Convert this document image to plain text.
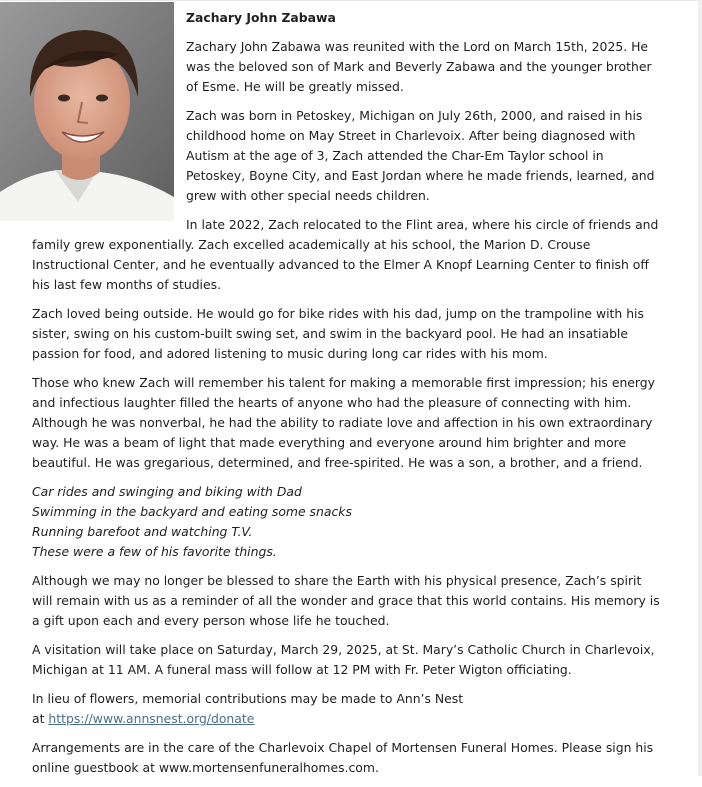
Zachary John Zabawa

Zachary John Zabawa was reunited with the Lord on March 15th, 2025. He was the beloved son of Mark and Beverly Zabawa and the younger brother of Esme. He will be greatly missed.

Zach was born in Petoskey, Michigan on July 26th, 2000, and raised in his childhood home on May Street in Charlevoix. After being diagnosed with Autism at the age of 3, Zach attended the Char-Em Taylor school in Petoskey, Boyne City, and East Jordan where he made friends, learned, and grew with other special needs children.

In late 2022, Zach relocated to the Flint area, where his circle of friends and family grew exponentially. Zach excelled academically at his school, the Marion D. Crouse Instructional Center, and he eventually advanced to the Elmer A Knopf Learning Center to finish off his last few months of studies.

Zach loved being outside. He would go for bike rides with his dad, jump on the trampoline with his sister, swing on his custom-built swing set, and swim in the backyard pool. He had an insatiable passion for food, and adored listening to music during long car rides with his mom.

Those who knew Zach will remember his talent for making a memorable first impression; his energy and infectious laughter filled the hearts of anyone who had the pleasure of connecting with him. Although he was nonverbal, he had the ability to radiate love and affection in his own extraordinary way. He was a beam of light that made everything and everyone around him brighter and more beautiful. He was gregarious, determined, and free-spirited. He was a son, a brother, and a friend.

Car rides and swinging and biking with Dad
Swimming in the backyard and eating some snacks
Running barefoot and watching T.V.
These were a few of his favorite things.

Although we may no longer be blessed to share the Earth with his physical presence, Zach’s spirit will remain with us as a reminder of all the wonder and grace that this world contains. His memory is a gift upon each and every person whose life he touched.

A visitation will take place on Saturday, March 29, 2025, at St. Mary’s Catholic Church in Charlevoix, Michigan at 11 AM. A funeral mass will follow at 12 PM with Fr. Peter Wigton officiating.

In lieu of flowers, memorial contributions may be made to Ann’s Nest
at https://www.annsnest.org/donate

Arrangements are in the care of the Charlevoix Chapel of Mortensen Funeral Homes. Please sign his online guestbook at www.mortensenfuneralhomes.com.
